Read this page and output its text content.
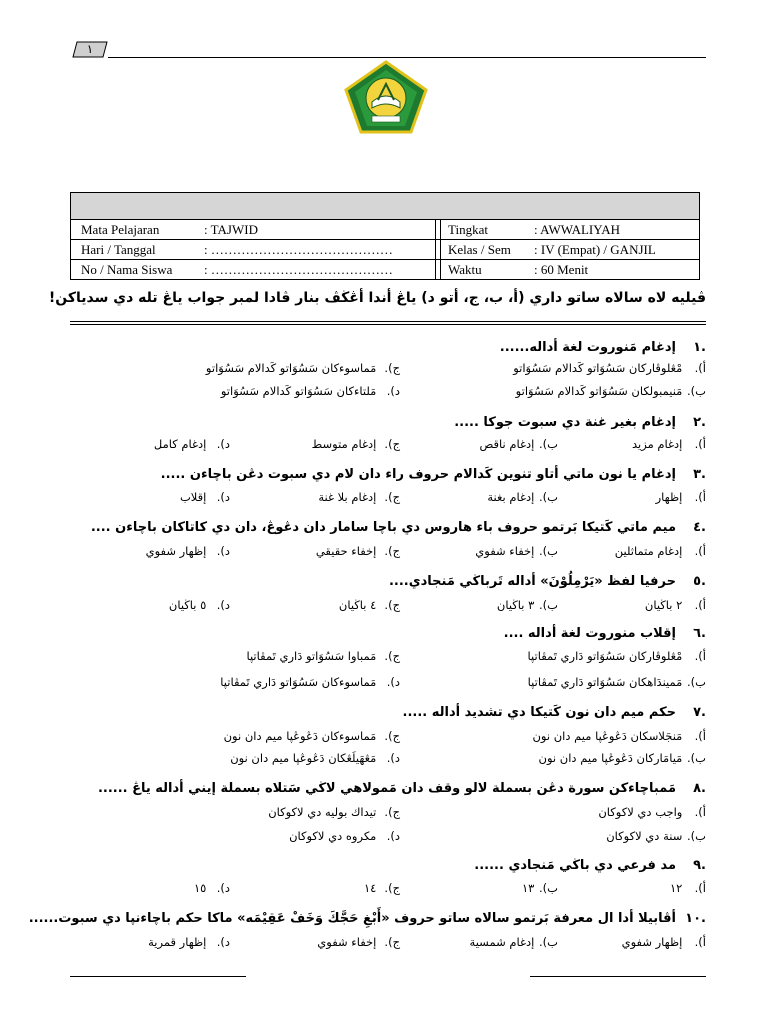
١
Mata Pelajaran	: TAJWID	Tingkat	: AWWALIYAH
Hari / Tanggal	: ……………………………………	Kelas / Sem : IV (Empat) / GANJIL
No / Nama Siswa : ……………………………………	Waktu	: 60 Menit
ڤيليه لاه سالاه ساتو داري (أ، ب، ج، أتو د) ياڠ أندا أڠڬڤ بنار ڤادا لمبر جواب ياڠ تله دي سدياكن!
.١
إدغام مَنوروت لغة أداله......
أ). مْڠلوڤاركان سَسُوَاتو كَدالام سَسُوَاتو
ج). مَماسوءكان سَسُوَاتو كَدالام سَسُوَاتو
ب). مَنيمبولكان سَسُوَاتو كَدالام سَسُوَاتو
د). مَلتاءكان سَسُوَاتو كَدالام سَسُوَاتو
.٢
إدغام بغير غنة دي سبوت جوكا .....
أ). إدغام مزيد
ب). إدغام ناقص
ج). إدغام متوسط
د). إدغام كامل
.٣
إدغام يا نون ماتي أتاو تنوين كَدالام حروف راء دان لام دي سبوت دڠن باچاءن .....
أ). إظهار
ب). إدغام بغنة
ج). إدغام بلا غنة
د). إقلاب
.٤
ميم ماتي كَتيكا بَرتمو حروف باء هاروس دي باچا سامار دان دڠوڠ، دان دي كاتاكان باچاءن ....
أ). إدغام متماثلين
ب). إخفاء شفوي
ج). إخفاء حقيقي
د). إظهار شفوي
.٥
حرفيا لفظ «يَرْمِلُوْنَ» أداله تَرباڬي مَنجادي....
أ). ٢ باڬيان
ب). ٣ باڬيان
ج). ٤ باڬيان
د). ٥ باڬيان
.٦
إقلاب منوروت لغة أداله ....
أ). مْڠلوڤاركان سَسُوَاتو دَاري تَمڤاتڽا
ج). مَمباوا سَسُوَاتو دَاري تَمڤاتڽا
ب). مَميندَاهكان سَسُوَاتو دَاري تَمڤاتڽا
د). مَماسوءكان سَسُوَاتو دَاري تَمڤاتڽا
.٧
حكم ميم دان نون كَتيكا دي تشديد أداله .....
أ). مَنجَلاسكان دَڠوڠڽا ميم دان نون
ج). مَماسوءكان دَڠوڠڽا ميم دان نون
ب). مَيامَاركان دَڠوڠڽا ميم دان نون
د). مَڠهَيلَڠكان دَڠوڠڽا ميم دان نون
.٨
مَمباچاءكن سورة دڠن بسملة لالو وقف دان مَمولاهي لاڬي سَتلاه بسملة إيني أداله ياڠ ......
أ). واجب دي لاكوكان
ج). تيداك بوليه دي لاكوكان
ب). سنة دي لاكوكان
د). مكروه دي لاكوكان
.٩
مد فرعي دي باڬي مَنجادي ......
أ). ١٢
ب). ١٣
ج). ١٤
د). ١٥
.١٠
أڤابيلا أدا ال معرفة بَرتمو سالاه ساتو حروف «أَبْغِ حَجَّكَ وَخَفْ عَقِيْمَه» ماكا حكم باچاءنڽا دي سبوت......
أ). إظهار شفوي
ب). إدغام شمسية
ج). إخفاء شفوي
د). إظهار قمرية
